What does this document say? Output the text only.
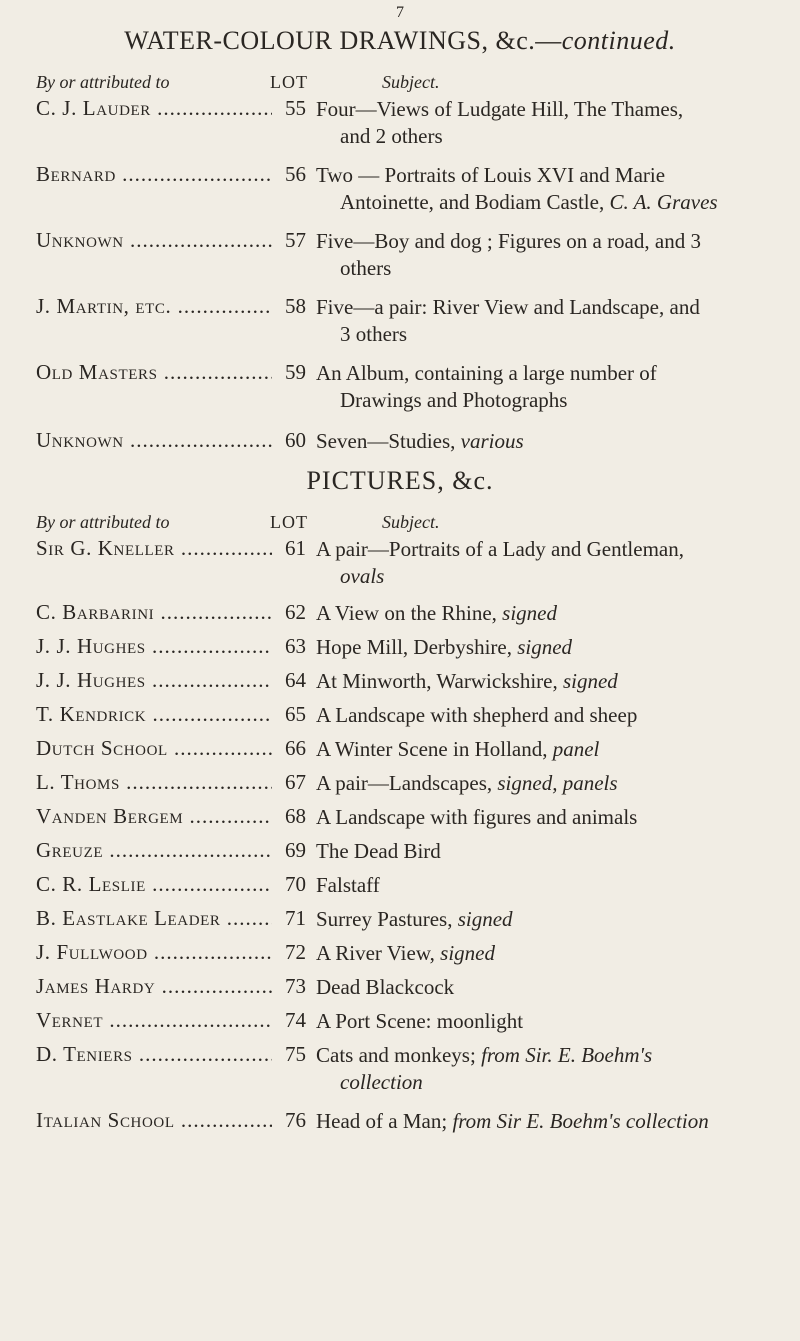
7
WATER-COLOUR DRAWINGS, &c.—continued.
By or attributed to	LOT	Subject.
C. J. Lauder .....	55 Four—Views of Ludgate Hill, The Thames,
and 2 others
Bernard .....	56 Two — Portraits of Louis XVI and Marie
Antoinette, and Bodiam Castle, C. A. Graves
Unknown .....	57 Five—Boy and dog ; Figures on a road, and 3
others
J. Martin, etc. .....	58 Five—a pair: River View and Landscape, and
3 others
Old Masters .....	59 An Album, containing a large number of
Drawings and Photographs
Unknown .....	60 Seven—Studies, various
PICTURES, &c.
By or attributed to	LOT	Subject.
Sir G. Kneller .....	61 A pair—Portraits of a Lady and Gentleman,
ovals
C. Barbarini .....	62 A View on the Rhine, signed
J. J. Hughes .....	63 Hope Mill, Derbyshire, signed
J. J. Hughes .....	64 At Minworth, Warwickshire, signed
T. Kendrick .....	65 A Landscape with shepherd and sheep
Dutch School .....	66 A Winter Scene in Holland, panel
L. Thoms .....	67 A pair—Landscapes, signed, panels
Vanden Bergem .....	68 A Landscape with figures and animals
Greuze .....	69 The Dead Bird
C. R. Leslie .....	70 Falstaff
B. Eastlake Leader .....	71 Surrey Pastures, signed
J. Fullwood .....	72 A River View, signed
James Hardy .....	73 Dead Blackcock
Vernet .....	74 A Port Scene: moonlight
D. Teniers .....	75 Cats and monkeys; from Sir. E. Boehm's
collection
Italian School .....	76 Head of a Man; from Sir E. Boehm's collection
